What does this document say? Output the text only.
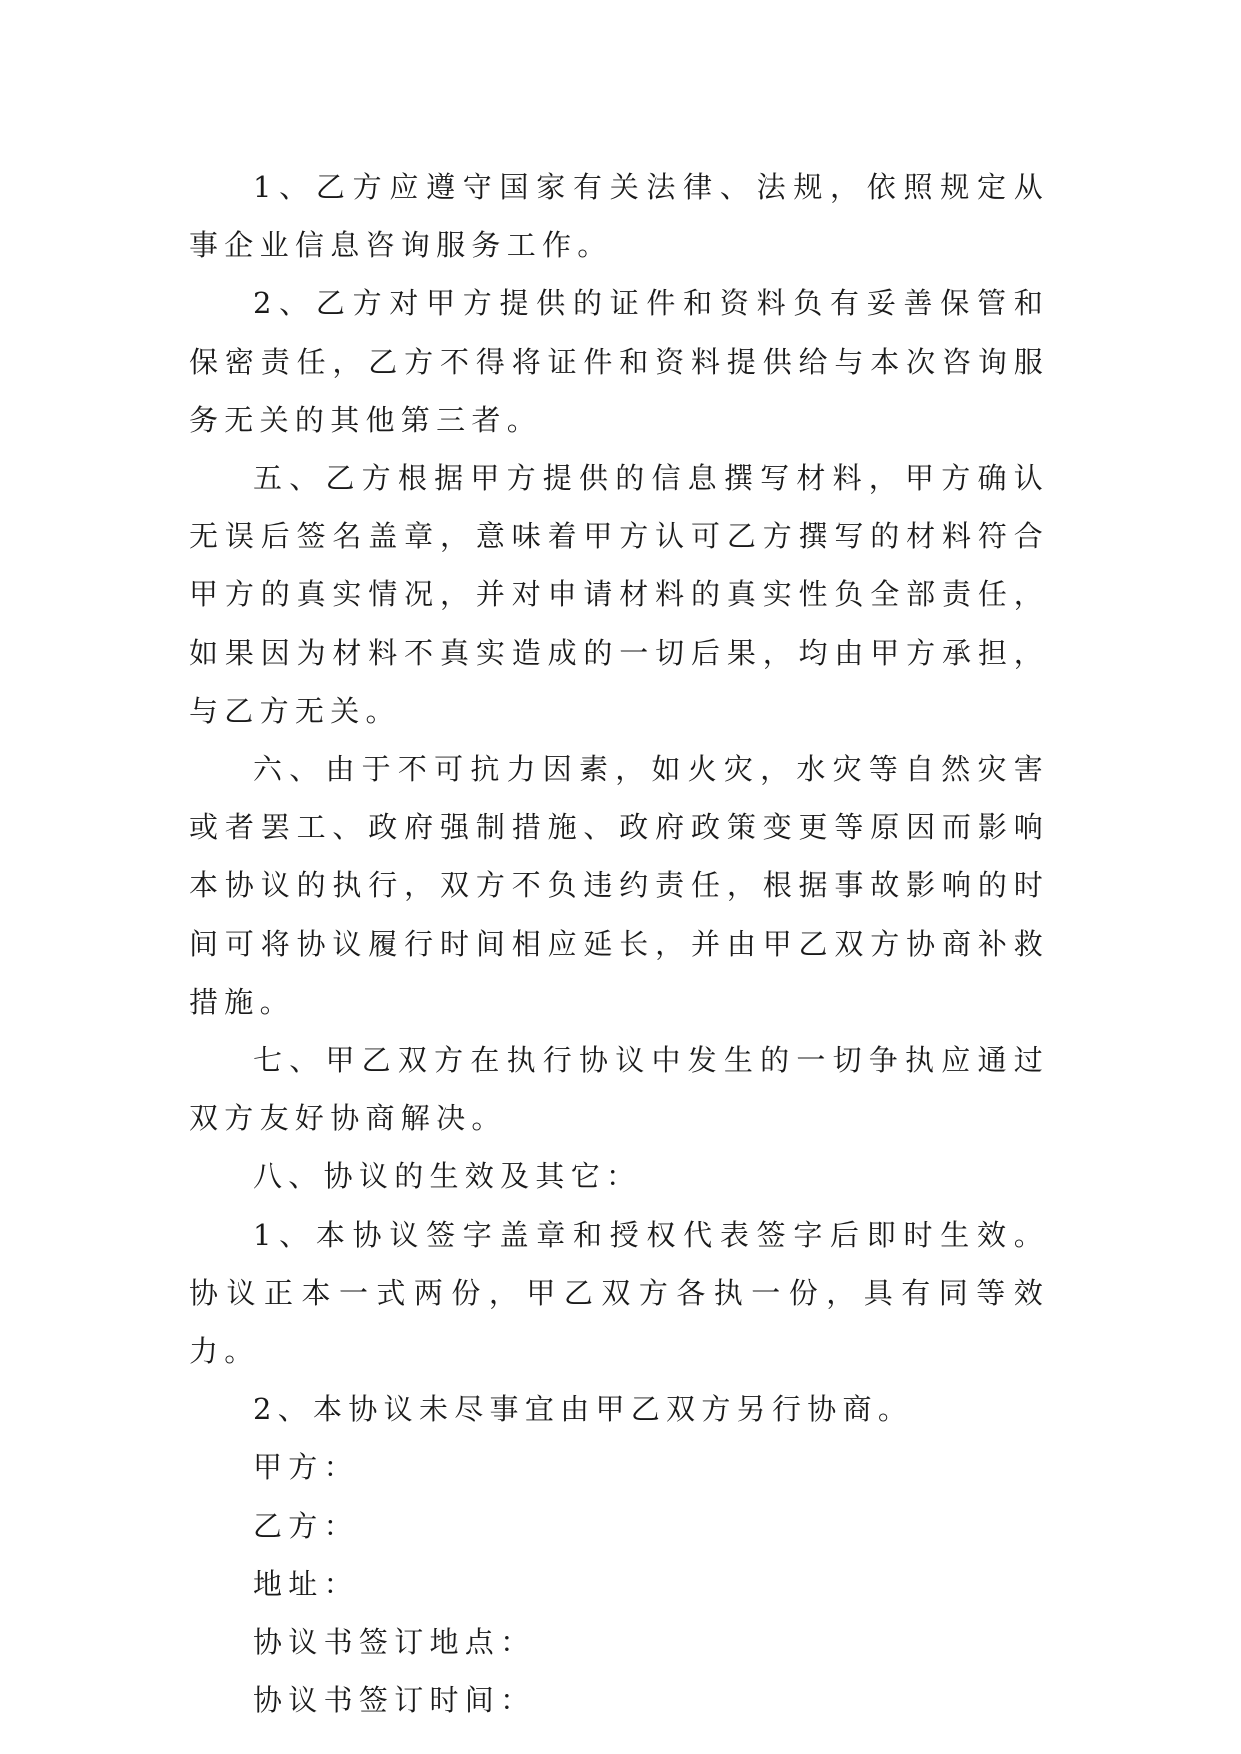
1、乙方应遵守国家有关法律、法规，依照规定从事企业信息咨询服务工作。

2、乙方对甲方提供的证件和资料负有妥善保管和保密责任，乙方不得将证件和资料提供给与本次咨询服务无关的其他第三者。

五、乙方根据甲方提供的信息撰写材料，甲方确认无误后签名盖章，意味着甲方认可乙方撰写的材料符合甲方的真实情况，并对申请材料的真实性负全部责任，如果因为材料不真实造成的一切后果，均由甲方承担，与乙方无关。

六、由于不可抗力因素，如火灾，水灾等自然灾害或者罢工、政府强制措施、政府政策变更等原因而影响本协议的执行，双方不负违约责任，根据事故影响的时间可将协议履行时间相应延长，并由甲乙双方协商补救措施。

七、甲乙双方在执行协议中发生的一切争执应通过双方友好协商解决。

八、协议的生效及其它：

1、本协议签字盖章和授权代表签字后即时生效。协议正本一式两份，甲乙双方各执一份，具有同等效力。

2、本协议未尽事宜由甲乙双方另行协商。

甲方：

乙方：

地址：

协议书签订地点：

协议书签订时间：
